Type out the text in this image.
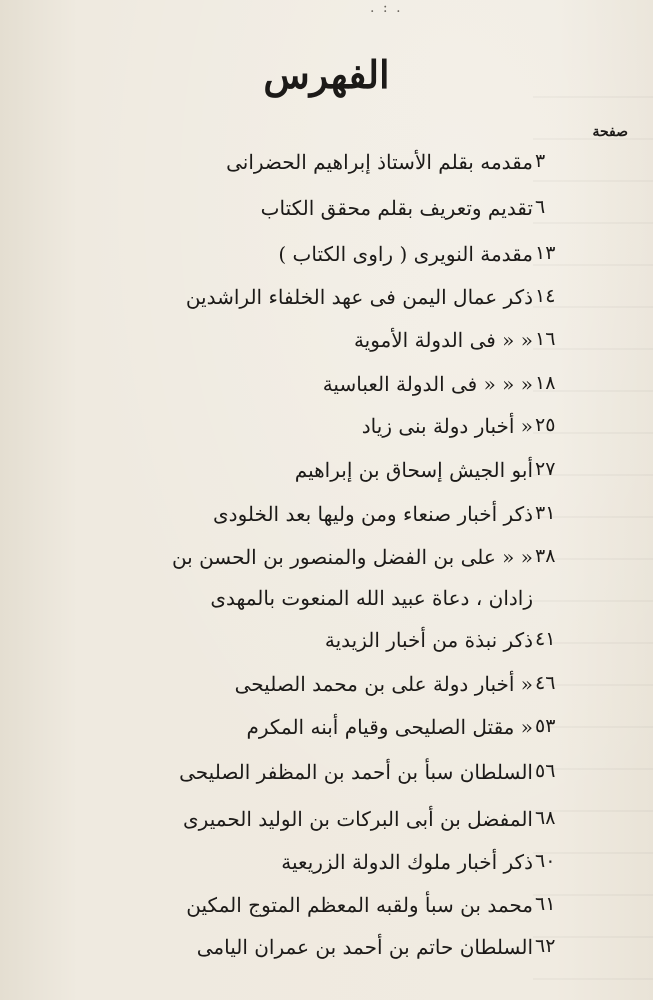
. : .
الفهرس
صفحة
٣
مقدمه بقلم الأستاذ إبراهيم الحضرانى
٦
تقديم وتعريف بقلم محقق الكتاب
١٣
مقدمة النويرى ( راوى الكتاب )
١٤
ذكر عمال اليمن فى عهد الخلفاء الراشدين
١٦
« « فى الدولة الأموية
١٨
« « « فى الدولة العباسية
٢٥
« أخبار دولة بنى زياد
٢٧
أبو الجيش إسحاق بن إبراهيم
٣١
ذكر أخبار صنعاء ومن وليها بعد الخلودى
٣٨
« « على بن الفضل والمنصور بن الحسن بن
زادان ، دعاة عبيد الله المنعوت بالمهدى
٤١
ذكر نبذة من أخبار الزيدية
٤٦
« أخبار دولة على بن محمد الصليحى
٥٣
« مقتل الصليحى وقيام أبنه المكرم
٥٦
السلطان سبأ بن أحمد بن المظفر الصليحى
٦٨
المفضل بن أبى البركات بن الوليد الحميرى
٦٠
ذكر أخبار ملوك الدولة الزريعية
٦١
محمد بن سبأ ولقبه المعظم المتوج المكين
٦٢
السلطان حاتم بن أحمد بن عمران اليامى
